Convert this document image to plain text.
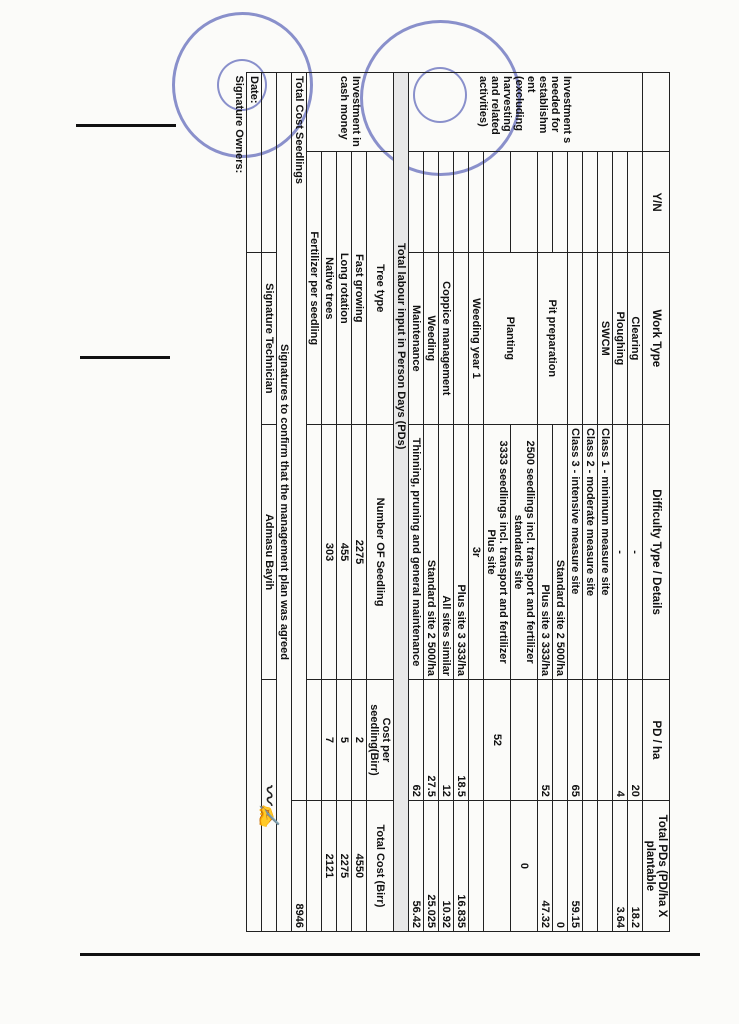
	Y/N	Work Type	Difficulty Type / Details	PD / ha	Total PDs (PD/ha X plantable
Investment s needed for establishm ent (excluding harvesting and related activities)		Clearing	-	20	18.2
		Ploughing	-	4	3.64
		SWCM	Class 1 - minimum measure site		
			Class 2 - moderate measure site		
			Class 3 - intensive measure site	65	59.15
		Pit preparation	Standard site 2 500/ha		0
			Plus site 3 333/ha	52	47.32
		Planting	2500 seedlings incl. transport and fertilizer standards site		0
			3333 seedlings incl. transport and fertilizer Plus site	52	
		Weeding year 1	3r		
			Plus site 3 333/ha	18.5	16.835
		Coppice management	All sites similar	12	10.92
		Weeding	Standard site 2 500/ha	27.5	25.025
		Maintenance	Thinning, pruning and general maintenance	62	56.42
Total labour input in Person Days (PDs)					
Investment in cash money	Tree type		Number OF Seedling	Cost per seedling(Birr)	Total Cost (Birr)
	Fast growing		2275	2	4550
	Long rotation		455	5	2275
	Native trees		303	7	2121
	Fertilizer per seedling				
Total Cost Seedlings					8946
Signatures to confirm that the management plan was agreed					
		Signature Technician	Admasu Bayih	〰✍	
Date:					
Signature Owners:					
